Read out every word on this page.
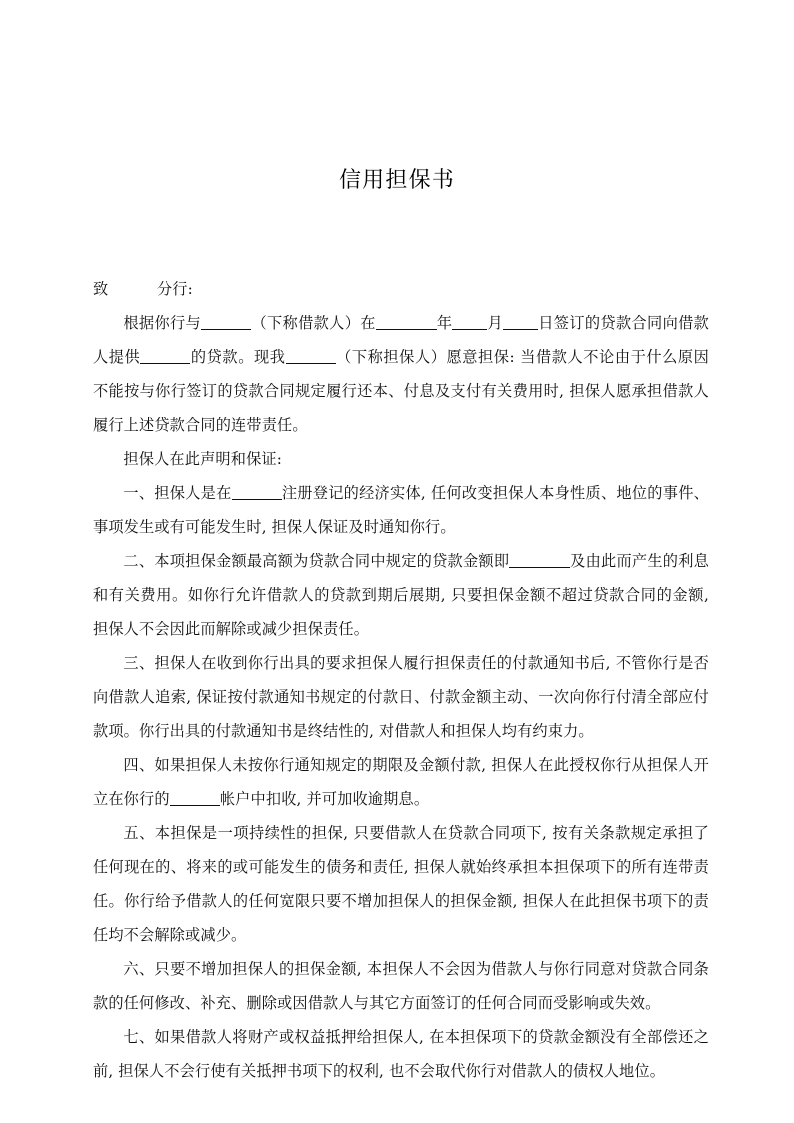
信用担保书

致	分行:

根据你行与	（下称借款人）在	年 月 日签订的贷款合同向借款人提供	的贷款。现我	（下称担保人）愿意担保: 当借款人不论由于什么原因不能按与你行签订的贷款合同规定履行还本、付息及支付有关费用时, 担保人愿承担借款人履行上述贷款合同的连带责任。

担保人在此声明和保证:

一、担保人是在	注册登记的经济实体, 任何改变担保人本身性质、地位的事件、事项发生或有可能发生时, 担保人保证及时通知你行。

二、本项担保金额最高额为贷款合同中规定的贷款金额即	及由此而产生的利息和有关费用。如你行允许借款人的贷款到期后展期, 只要担保金额不超过贷款合同的金额, 担保人不会因此而解除或减少担保责任。

三、担保人在收到你行出具的要求担保人履行担保责任的付款通知书后, 不管你行是否向借款人追索, 保证按付款通知书规定的付款日、付款金额主动、一次向你行付清全部应付款项。你行出具的付款通知书是终结性的, 对借款人和担保人均有约束力。

四、如果担保人未按你行通知规定的期限及金额付款, 担保人在此授权你行从担保人开立在你行的	帐户中扣收, 并可加收逾期息。

五、本担保是一项持续性的担保, 只要借款人在贷款合同项下, 按有关条款规定承担了任何现在的、将来的或可能发生的债务和责任, 担保人就始终承担本担保项下的所有连带责任。你行给予借款人的任何宽限只要不增加担保人的担保金额, 担保人在此担保书项下的责任均不会解除或减少。

六、只要不增加担保人的担保金额, 本担保人不会因为借款人与你行同意对贷款合同条款的任何修改、补充、删除或因借款人与其它方面签订的任何合同而受影响或失效。

七、如果借款人将财产或权益抵押给担保人, 在本担保项下的贷款金额没有全部偿还之前, 担保人不会行使有关抵押书项下的权利, 也不会取代你行对借款人的债权人地位。
